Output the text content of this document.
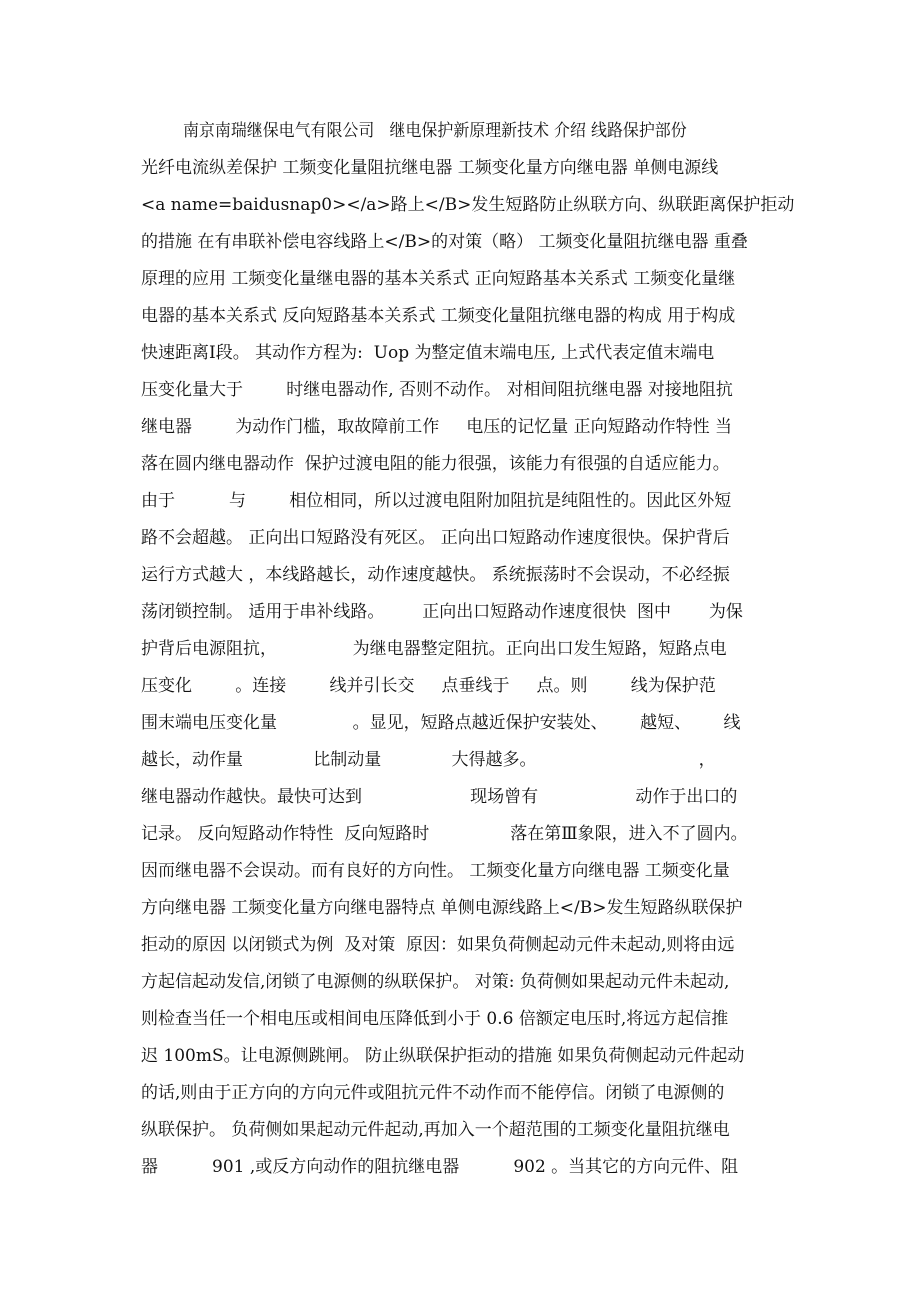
南京南瑞继保电气有限公司   继电保护新原理新技术 介绍 线路保护部份
光纤电流纵差保护 工频变化量阻抗继电器 工频变化量方向继电器 单侧电源线
<a name=baidusnap0></a>路上</B>发生短路防止纵联方向、纵联距离保护拒动
的措施 在有串联补偿电容线路上</B>的对策（略） 工频变化量阻抗继电器 重叠
原理的应用 工频变化量继电器的基本关系式 正向短路基本关系式 工频变化量继
电器的基本关系式 反向短路基本关系式 工频变化量阻抗继电器的构成 用于构成
快速距离Ⅰ段。 其动作方程为:  Uop 为整定值末端电压, 上式代表定值末端电
压变化量大于        时继电器动作, 否则不动作。 对相间阻抗继电器 对接地阻抗
继电器        为动作门槛，取故障前工作     电压的记忆量 正向短路动作特性 当
落在圆内继电器动作  保护过渡电阻的能力很强，该能力有很强的自适应能力。
由于          与        相位相同，所以过渡电阻附加阻抗是纯阻性的。因此区外短
路不会超越。 正向出口短路没有死区。 正向出口短路动作速度很快。保护背后
运行方式越大 ，本线路越长，动作速度越快。 系统振荡时不会误动，不必经振
荡闭锁控制。 适用于串补线路。       正向出口短路动作速度很快  图中       为保
护背后电源阻抗，              为继电器整定阻抗。正向出口发生短路，短路点电
压变化        。连接        线并引长交     点垂线于     点。则        线为保护范
围末端电压变化量              。显见，短路点越近保护安装处、      越短、      线
越长，动作量             比制动量             大得越多。                              ，
继电器动作越快。最快可达到                    现场曾有                  动作于出口的
记录。 反向短路动作特性  反向短路时               落在第Ⅲ象限，进入不了圆内。
因而继电器不会误动。而有良好的方向性。 工频变化量方向继电器 工频变化量
方向继电器 工频变化量方向继电器特点 单侧电源线路上</B>发生短路纵联保护
拒动的原因 以闭锁式为例  及对策  原因：如果负荷侧起动元件未起动,则将由远
方起信起动发信,闭锁了电源侧的纵联保护。 对策: 负荷侧如果起动元件未起动,
则检查当任一个相电压或相间电压降低到小于 0.6 倍额定电压时,将远方起信推
迟 100mS。让电源侧跳闸。 防止纵联保护拒动的措施 如果负荷侧起动元件起动
的话,则由于正方向的方向元件或阻抗元件不动作而不能停信。闭锁了电源侧的
纵联保护。 负荷侧如果起动元件起动,再加入一个超范围的工频变化量阻抗继电
器          901 ,或反方向动作的阻抗继电器          902 。当其它的方向元件、阻
